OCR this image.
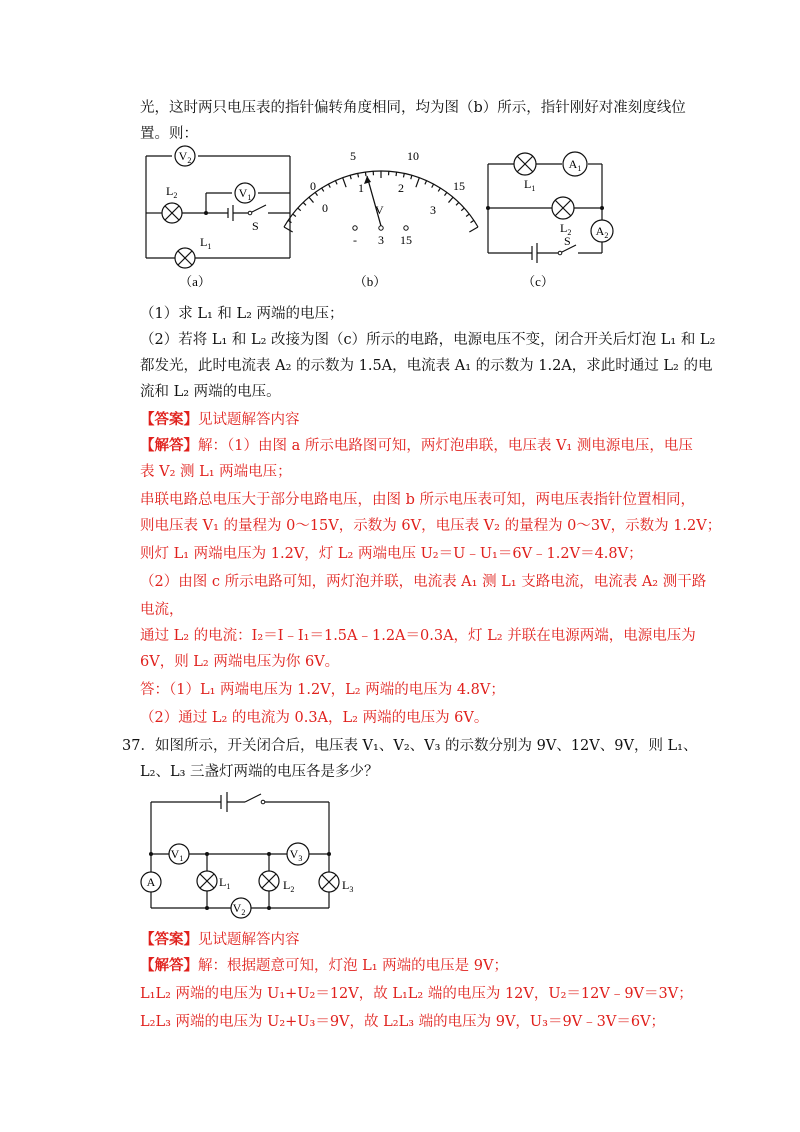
光，这时两只电压表的指针偏转角度相同，均为图（b）所示，指针刚好对准刻度线位
置。则：
$V_2$
$V_1$
$L_2$
$L_1$
S
（a）
0
5	10
15
0
1	2
3
V
- 3 15
（b）
$A_1$
$A_2$
$L_1$
$L_2$
S
（c）
（1）求 L₁ 和 L₂ 两端的电压；
（2）若将 L₁ 和 L₂ 改接为图（c）所示的电路，电源电压不变，闭合开关后灯泡 L₁ 和 L₂
都发光，此时电流表 A₂ 的示数为 1.5A，电流表 A₁ 的示数为 1.2A，求此时通过 L₂ 的电
流和 L₂ 两端的电压。
【答案】见试题解答内容
【解答】解：（1）由图 a 所示电路图可知，两灯泡串联，电压表 V₁ 测电源电压，电压
表 V₂ 测 L₁ 两端电压；
串联电路总电压大于部分电路电压，由图 b 所示电压表可知，两电压表指针位置相同，
则电压表 V₁ 的量程为 0～15V，示数为 6V，电压表 V₂ 的量程为 0～3V，示数为 1.2V；
则灯 L₁ 两端电压为 1.2V，灯 L₂ 两端电压 U₂＝U﹣U₁＝6V﹣1.2V＝4.8V；
（2）由图 c 所示电路可知，两灯泡并联，电流表 A₁ 测 L₁ 支路电流，电流表 A₂ 测干路
电流，
通过 L₂ 的电流：I₂＝I﹣I₁＝1.5A﹣1.2A＝0.3A，灯 L₂ 并联在电源两端，电源电压为
6V，则 L₂ 两端电压为你 6V。
答：（1）L₁ 两端电压为 1.2V，L₂ 两端的电压为 4.8V；
（2）通过 L₂ 的电流为 0.3A，L₂ 两端的电压为 6V。
37．如图所示，开关闭合后，电压表 V₁、V₂、V₃ 的示数分别为 9V、12V、9V，则 L₁、
L₂、L₃ 三盏灯两端的电压各是多少？
A
$V_1$	$V_3$
$V_2$
$L_1$	$L_2$	$L_3$
【答案】见试题解答内容
【解答】解：根据题意可知，灯泡 L₁ 两端的电压是 9V；
L₁L₂ 两端的电压为 U₁+U₂＝12V，故 L₁L₂ 端的电压为 12V，U₂＝12V﹣9V＝3V；
L₂L₃ 两端的电压为 U₂+U₃＝9V，故 L₂L₃ 端的电压为 9V，U₃＝9V﹣3V＝6V；
